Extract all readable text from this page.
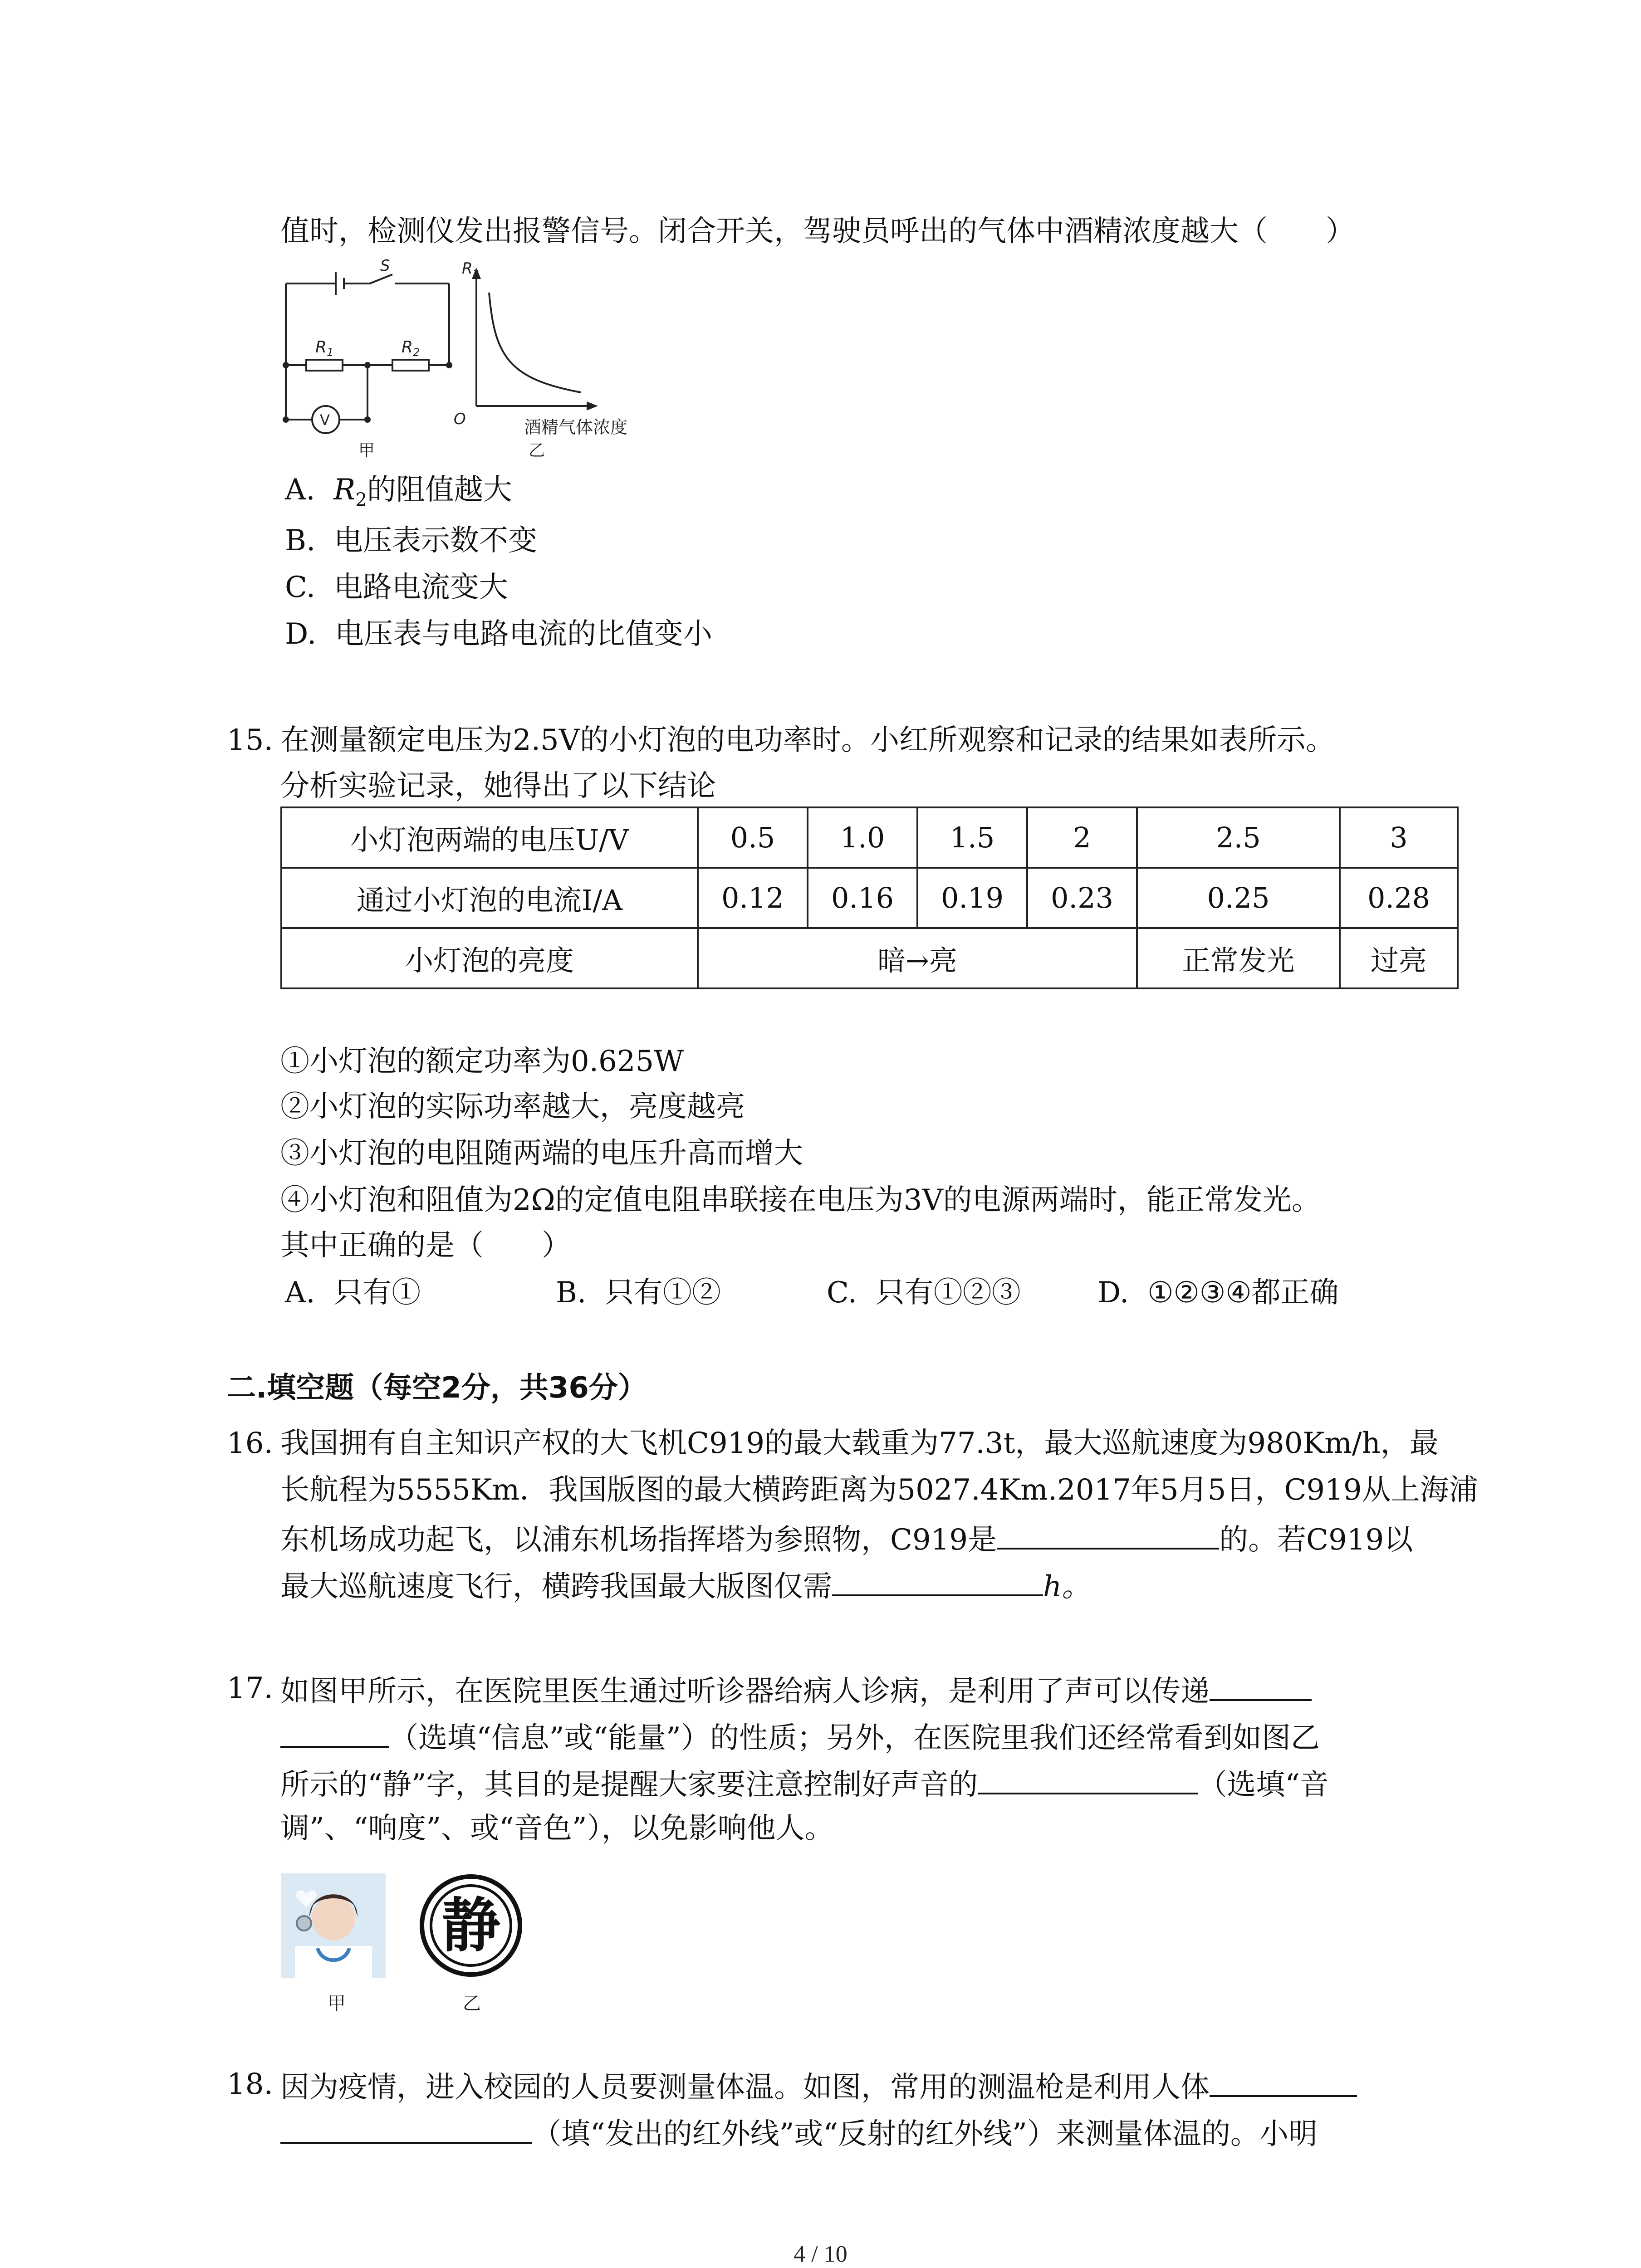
值时，检测仪发出报警信号。闭合开关，驾驶员呼出的气体中酒精浓度越大（　　）
S
$R_1$	$R_2$
V
甲
$R_2$
O	酒精气体浓度
乙
A. $R_2$的阻值越大
B. 电压表示数不变
C. 电路电流变大
D. 电压表与电路电流的比值变小
15. 在测量额定电压为2.5V的小灯泡的电功率时。小红所观察和记录的结果如表所示。
分析实验记录，她得出了以下结论
小灯泡两端的电压U/V	0.5	1.0	1.5	2	2.5	3
通过小灯泡的电流I/A	0.12	0.16	0.19	0.23	0.25	0.28
小灯泡的亮度	暗→亮				正常发光	过亮
①小灯泡的额定功率为0.625W
②小灯泡的实际功率越大，亮度越亮
③小灯泡的电阻随两端的电压升高而增大
④小灯泡和阻值为2Ω的定值电阻串联接在电压为3V的电源两端时，能正常发光。
其中正确的是（　　）
A. 只有①	B. 只有①②	C. 只有①②③	D. ①②③④都正确
二.填空题（每空2分，共36分）
16. 我国拥有自主知识产权的大飞机C919的最大载重为77.3t，最大巡航速度为980Km/h，最
长航程为5555Km．我国版图的最大横跨距离为5027.4Km.2017年5月5日，C919从上海浦
东机场成功起飞，以浦东机场指挥塔为参照物，C919是	的。若C919以
最大巡航速度飞行，横跨我国最大版图仅需	h。
17. 如图甲所示，在医院里医生通过听诊器给病人诊病，是利用了声可以传递
（选填“信息”或“能量”）的性质；另外，在医院里我们还经常看到如图乙
所示的“静”字，其目的是提醒大家要注意控制好声音的	（选填“音
调”、“响度”、或“音色”），以免影响他人。
甲
静
乙
18. 因为疫情，进入校园的人员要测量体温。如图，常用的测温枪是利用人体
（填“发出的红外线”或“反射的红外线”）来测量体温的。小明
4 / 10
